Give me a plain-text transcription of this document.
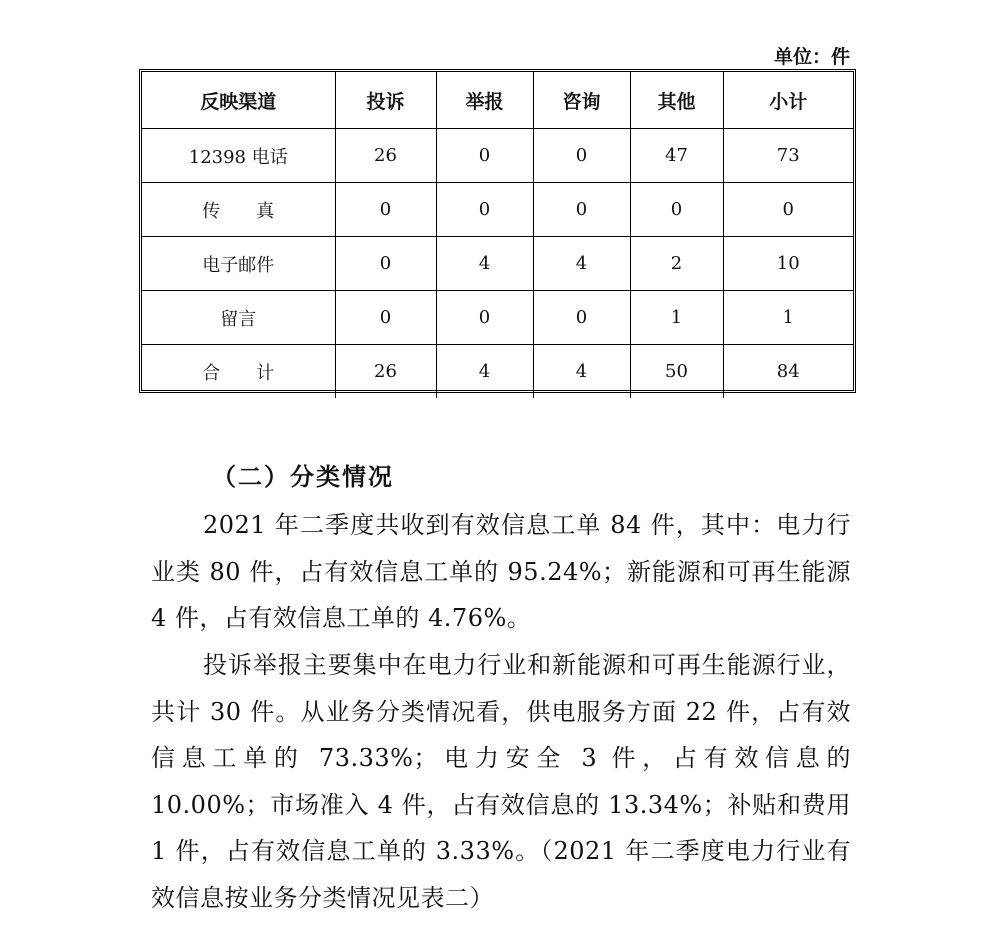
单位：件
反映渠道	投诉	举报	咨询	其他	小计
12398 电话	26	0	0	47	73
传　　真	0	0	0	0	0
电子邮件	0	4	4	2	10
留言	0	0	0	1	1
合　　计	26	4	4	50	84
（二）分类情况

2021 年二季度共收到有效信息工单 84 件，其中：电力行业类 80 件，占有效信息工单的 95.24%；新能源和可再生能源 4 件，占有效信息工单的 4.76%。

投诉举报主要集中在电力行业和新能源和可再生能源行业，共计 30 件。从业务分类情况看，供电服务方面 22 件，占有效信息工单的 73.33%；电力安全 3 件，占有效信息的 10.00%；市场准入 4 件，占有效信息的 13.34%；补贴和费用 1 件，占有效信息工单的 3.33%。（2021 年二季度电力行业有效信息按业务分类情况见表二）
